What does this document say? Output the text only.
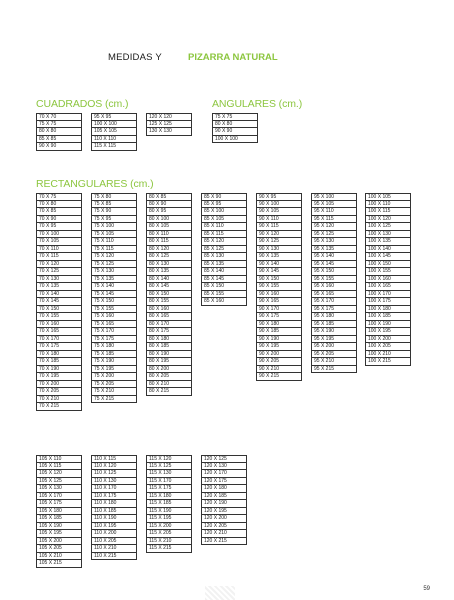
MEDIDAS Y	PIZARRA NATURAL
CUADRADOS (cm.)
70 X 70
75 X 75
80 X 80
85 X 85
90 X 90
95 X 95
100 X 100
105 X 105
110 X 110
115 X 115
120 X 120
125 X 125
130 X 130
ANGULARES (cm.)
75 X 75
80 X 80
90 X 90
100 X 100
RECTANGULARES (cm.)
70 X 75
70 X 80
70 X 85
70 X 90
70 X 95
70 X 100
70 X 105
70 X 110
70 X 115
70 X 120
70 X 125
70 X 130
70 X 135
70 X 140
70 X 145
70 X 150
70 X 155
70 X 160
70 X 165
70 X 170
70 X 175
70 X 180
70 X 185
70 X 190
70 X 195
70 X 200
70 X 205
70 X 210
70 X 215
75 X 80
75 X 85
75 X 90
75 X 95
75 X 100
75 X 105
75 X 110
75 X 115
75 X 120
75 X 125
75 X 130
75 X 135
75 X 140
75 X 145
75 X 150
75 X 155
75 X 160
75 X 165
75 X 170
75 X 175
75 X 180
75 X 185
75 X 190
75 X 195
75 X 200
75 X 205
75 X 210
75 X 215
80 X 85
80 X 90
80 X 95
80 X 100
80 X 105
80 X 110
80 X 115
80 X 120
80 X 125
80 X 130
80 X 135
80 X 140
80 X 145
80 X 150
80 X 155
80 X 160
80 X 165
80 X 170
80 X 175
80 X 180
80 X 185
80 X 190
80 X 195
80 X 200
80 X 205
80 X 210
80 X 215
85 X 90
85 X 95
85 X 100
85 X 105
85 X 110
85 X 115
85 X 120
85 X 125
85 X 130
85 X 135
85 X 140
85 X 145
85 X 150
85 X 155
85 X 160
90 X 95
90 X 100
90 X 105
90 X 110
90 X 115
90 X 120
90 X 125
90 X 130
90 X 135
90 X 140
90 X 145
90 X 150
90 X 155
90 X 160
90 X 165
90 X 170
90 X 175
90 X 180
90 X 185
90 X 190
90 X 195
90 X 200
90 X 205
90 X 210
90 X 215
95 X 100
95 X 105
95 X 110
95 X 115
95 X 120
95 X 125
95 X 130
95 X 135
95 X 140
95 X 145
95 X 150
95 X 155
95 X 160
95 X 165
95 X 170
95 X 175
95 X 180
95 X 185
95 X 190
95 X 195
95 X 200
95 X 205
95 X 210
95 X 215
100 X 105
100 X 110
100 X 115
100 X 120
100 X 125
100 X 130
100 X 135
100 X 140
100 X 145
100 X 150
100 X 155
100 X 160
100 X 165
100 X 170
100 X 175
100 X 180
100 X 185
100 X 190
100 X 195
100 X 200
100 X 205
100 X 210
100 X 215
105 X 110
105 X 115
105 X 120
105 X 125
105 X 130
105 X 170
105 X 175
105 X 180
105 X 185
105 X 190
105 X 195
105 X 200
105 X 205
105 X 210
105 X 215
110 X 115
110 X 120
110 X 125
110 X 130
110 X 170
110 X 175
110 X 180
110 X 185
110 X 190
110 X 195
110 X 200
110 X 205
110 X 210
110 X 215
115 X 120
115 X 125
115 X 130
115 X 170
115 X 175
115 X 180
115 X 185
115 X 190
115 X 195
115 X 200
115 X 205
115 X 210
115 X 215
120 X 125
120 X 130
120 X 170
120 X 175
120 X 180
120 X 185
120 X 190
120 X 195
120 X 200
120 X 205
120 X 210
120 X 215
59
